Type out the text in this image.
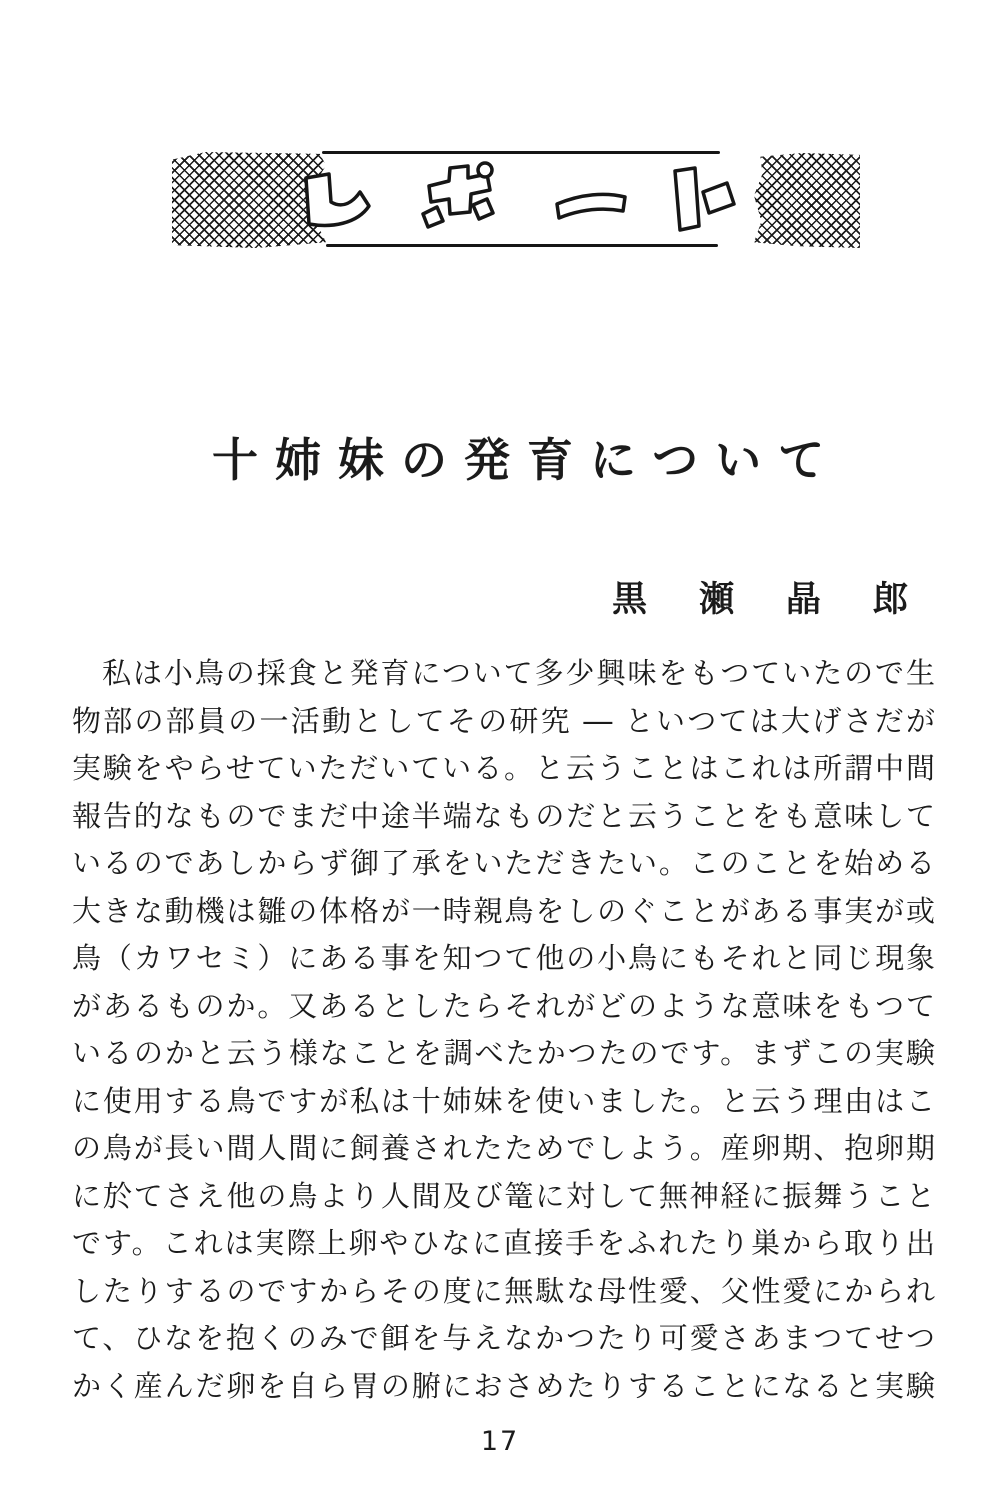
十姉妹の発育について
黒瀬晶郎
私は小鳥の採食と発育について多少興味をもつていたので生
物部の部員の一活動としてその研究 ― といつては大げさだが
実験をやらせていただいている。と云うことはこれは所謂中間
報告的なものでまだ中途半端なものだと云うことをも意味して
いるのであしからず御了承をいただきたい。このことを始める
大きな動機は雛の体格が一時親鳥をしのぐことがある事実が或
鳥（カワセミ）にある事を知つて他の小鳥にもそれと同じ現象
があるものか。又あるとしたらそれがどのような意味をもつて
いるのかと云う様なことを調べたかつたのです。まずこの実験
に使用する鳥ですが私は十姉妹を使いました。と云う理由はこ
の鳥が長い間人間に飼養されたためでしよう。産卵期、抱卵期
に於てさえ他の鳥より人間及び篭に対して無神経に振舞うこと
です。これは実際上卵やひなに直接手をふれたり巣から取り出
したりするのですからその度に無駄な母性愛、父性愛にかられ
て、ひなを抱くのみで餌を与えなかつたり可愛さあまつてせつ
かく産んだ卵を自ら胃の腑におさめたりすることになると実験
17
